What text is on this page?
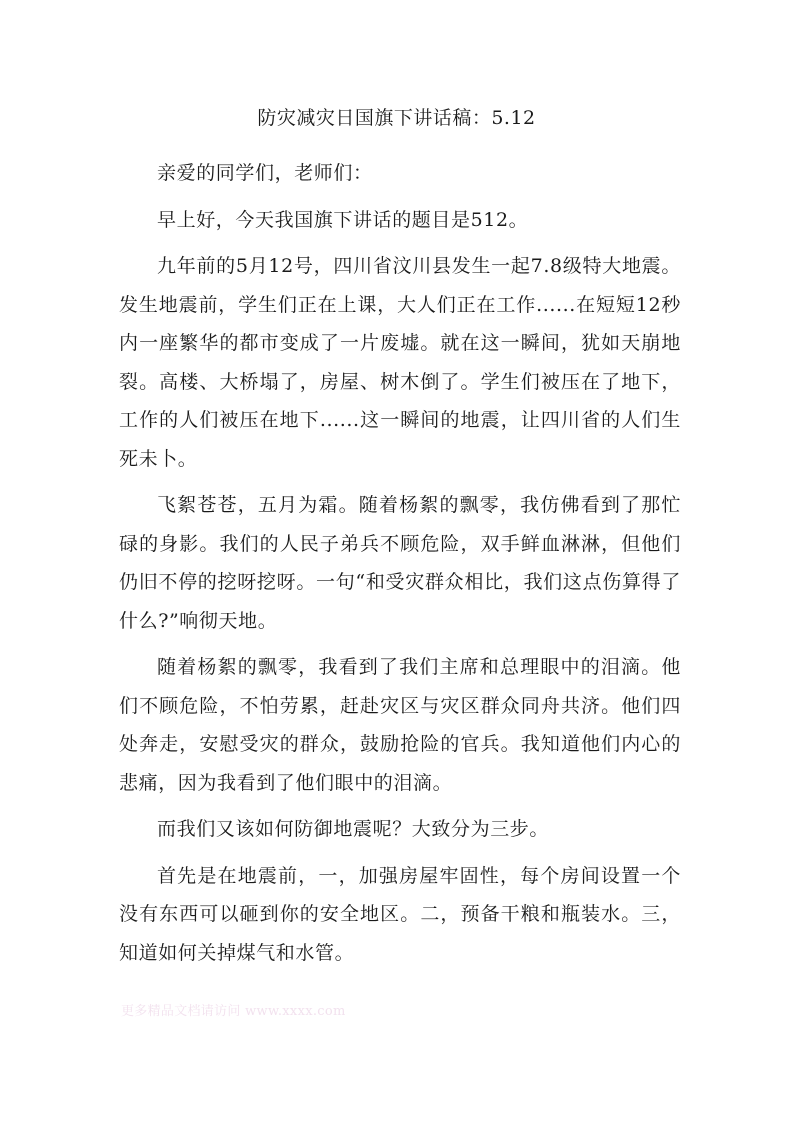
防灾减灾日国旗下讲话稿：5.12

亲爱的同学们，老师们：

早上好，今天我国旗下讲话的题目是512。

九年前的5月12号，四川省汶川县发生一起7.8级特大地震。发生地震前，学生们正在上课，大人们正在工作......在短短12秒内一座繁华的都市变成了一片废墟。就在这一瞬间，犹如天崩地裂。高楼、大桥塌了，房屋、树木倒了。学生们被压在了地下，工作的人们被压在地下......这一瞬间的地震，让四川省的人们生死未卜。

飞絮苍苍，五月为霜。随着杨絮的飘零，我仿佛看到了那忙碌的身影。我们的人民子弟兵不顾危险，双手鲜血淋淋，但他们仍旧不停的挖呀挖呀。一句“和受灾群众相比，我们这点伤算得了什么?”响彻天地。

随着杨絮的飘零，我看到了我们主席和总理眼中的泪滴。他们不顾危险，不怕劳累，赶赴灾区与灾区群众同舟共济。他们四处奔走，安慰受灾的群众，鼓励抢险的官兵。我知道他们内心的悲痛，因为我看到了他们眼中的泪滴。

而我们又该如何防御地震呢？大致分为三步。

首先是在地震前，一，加强房屋牢固性，每个房间设置一个没有东西可以砸到你的安全地区。二，预备干粮和瓶装水。三，知道如何关掉煤气和水管。

更多精品文档请访问 www.xxxx.com
